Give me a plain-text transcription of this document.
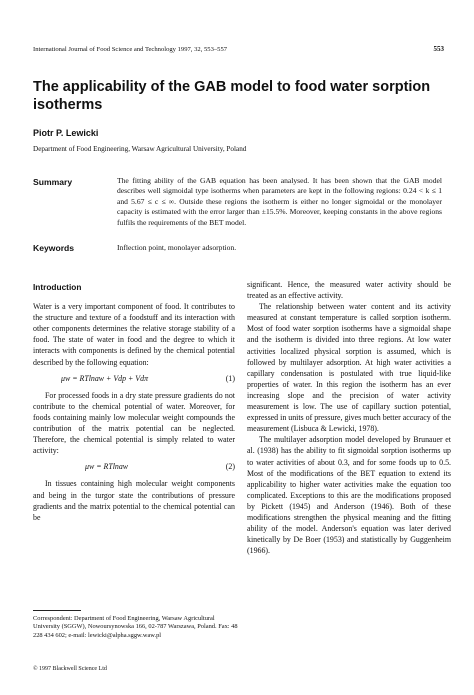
International Journal of Food Science and Technology 1997, 32, 553–557	553
The applicability of the GAB model to food water sorption isotherms
Piotr P. Lewicki
Department of Food Engineering, Warsaw Agricultural University, Poland
Summary	The fitting ability of the GAB equation has been analysed. It has been shown that the GAB model describes well sigmoidal type isotherms when parameters are kept in the following regions: 0.24 < k ≤ 1 and 5.67 ≤ c ≤ ∞. Outside these regions the isotherm is either no longer sigmoidal or the monolayer capacity is estimated with the error larger than ±15.5%. Moreover, keeping constants in the above regions fulfils the requirements of the BET model.
Keywords	Inflection point, monolayer adsorption.

Introduction

Water is a very important component of food. It contributes to the structure and texture of a foodstuff and its interaction with other components determines the relative storage stability of a food. The state of water in food and the degree to which it interacts with components is defined by the chemical potential described by the following equation:

μw = RTlnaw + Vdp + Vdπ	(1)

For processed foods in a dry state pressure gradients do not contribute to the chemical potential of water. Moreover, for foods containing mainly low molecular weight compounds the contribution of the matrix potential can be neglected. Therefore, the chemical potential is simply related to water activity:

μw = RTlnaw	(2)

In tissues containing high molecular weight components and being in the turgor state the contributions of pressure gradients and the matrix potential to the chemical potential can be

significant. Hence, the measured water activity should be treated as an effective activity.

The relationship between water content and its activity measured at constant temperature is called sorption isotherm. Most of food water sorption isotherms have a sigmoidal shape and the isotherm is divided into three regions. At low water activities localized physical sorption is assumed, which is followed by multilayer adsorption. At high water activities a capillary condensation is postulated with true liquid-like properties of water. In this region the isotherm has an ever increasing slope and the precision of water activity measurement is low. The use of capillary suction potential, expressed in units of pressure, gives much better accuracy of the measurement (Lisbuca & Lewicki, 1978).

The multilayer adsorption model developed by Brunauer et al. (1938) has the ability to fit sigmoidal sorption isotherms up to water activities of about 0.3, and for some foods up to 0.5. Most of the modifications of the BET equation to extend its applicability to higher water activities make the equation too complicated. Exceptions to this are the modifications proposed by Pickett (1945) and Anderson (1946). Both of these modifications strengthen the physical meaning and the fitting ability of the model. Anderson's equation was later derived kinetically by De Boer (1953) and statistically by Guggenheim (1966).

Correspondent: Department of Food Engineering, Warsaw Agricultural University (SGGW), Nowoursynowska 166, 02-787 Warszawa, Poland. Fax: 48 228 434 602; e-mail: lewicki@alpha.sggw.waw.pl
© 1997 Blackwell Science Ltd
